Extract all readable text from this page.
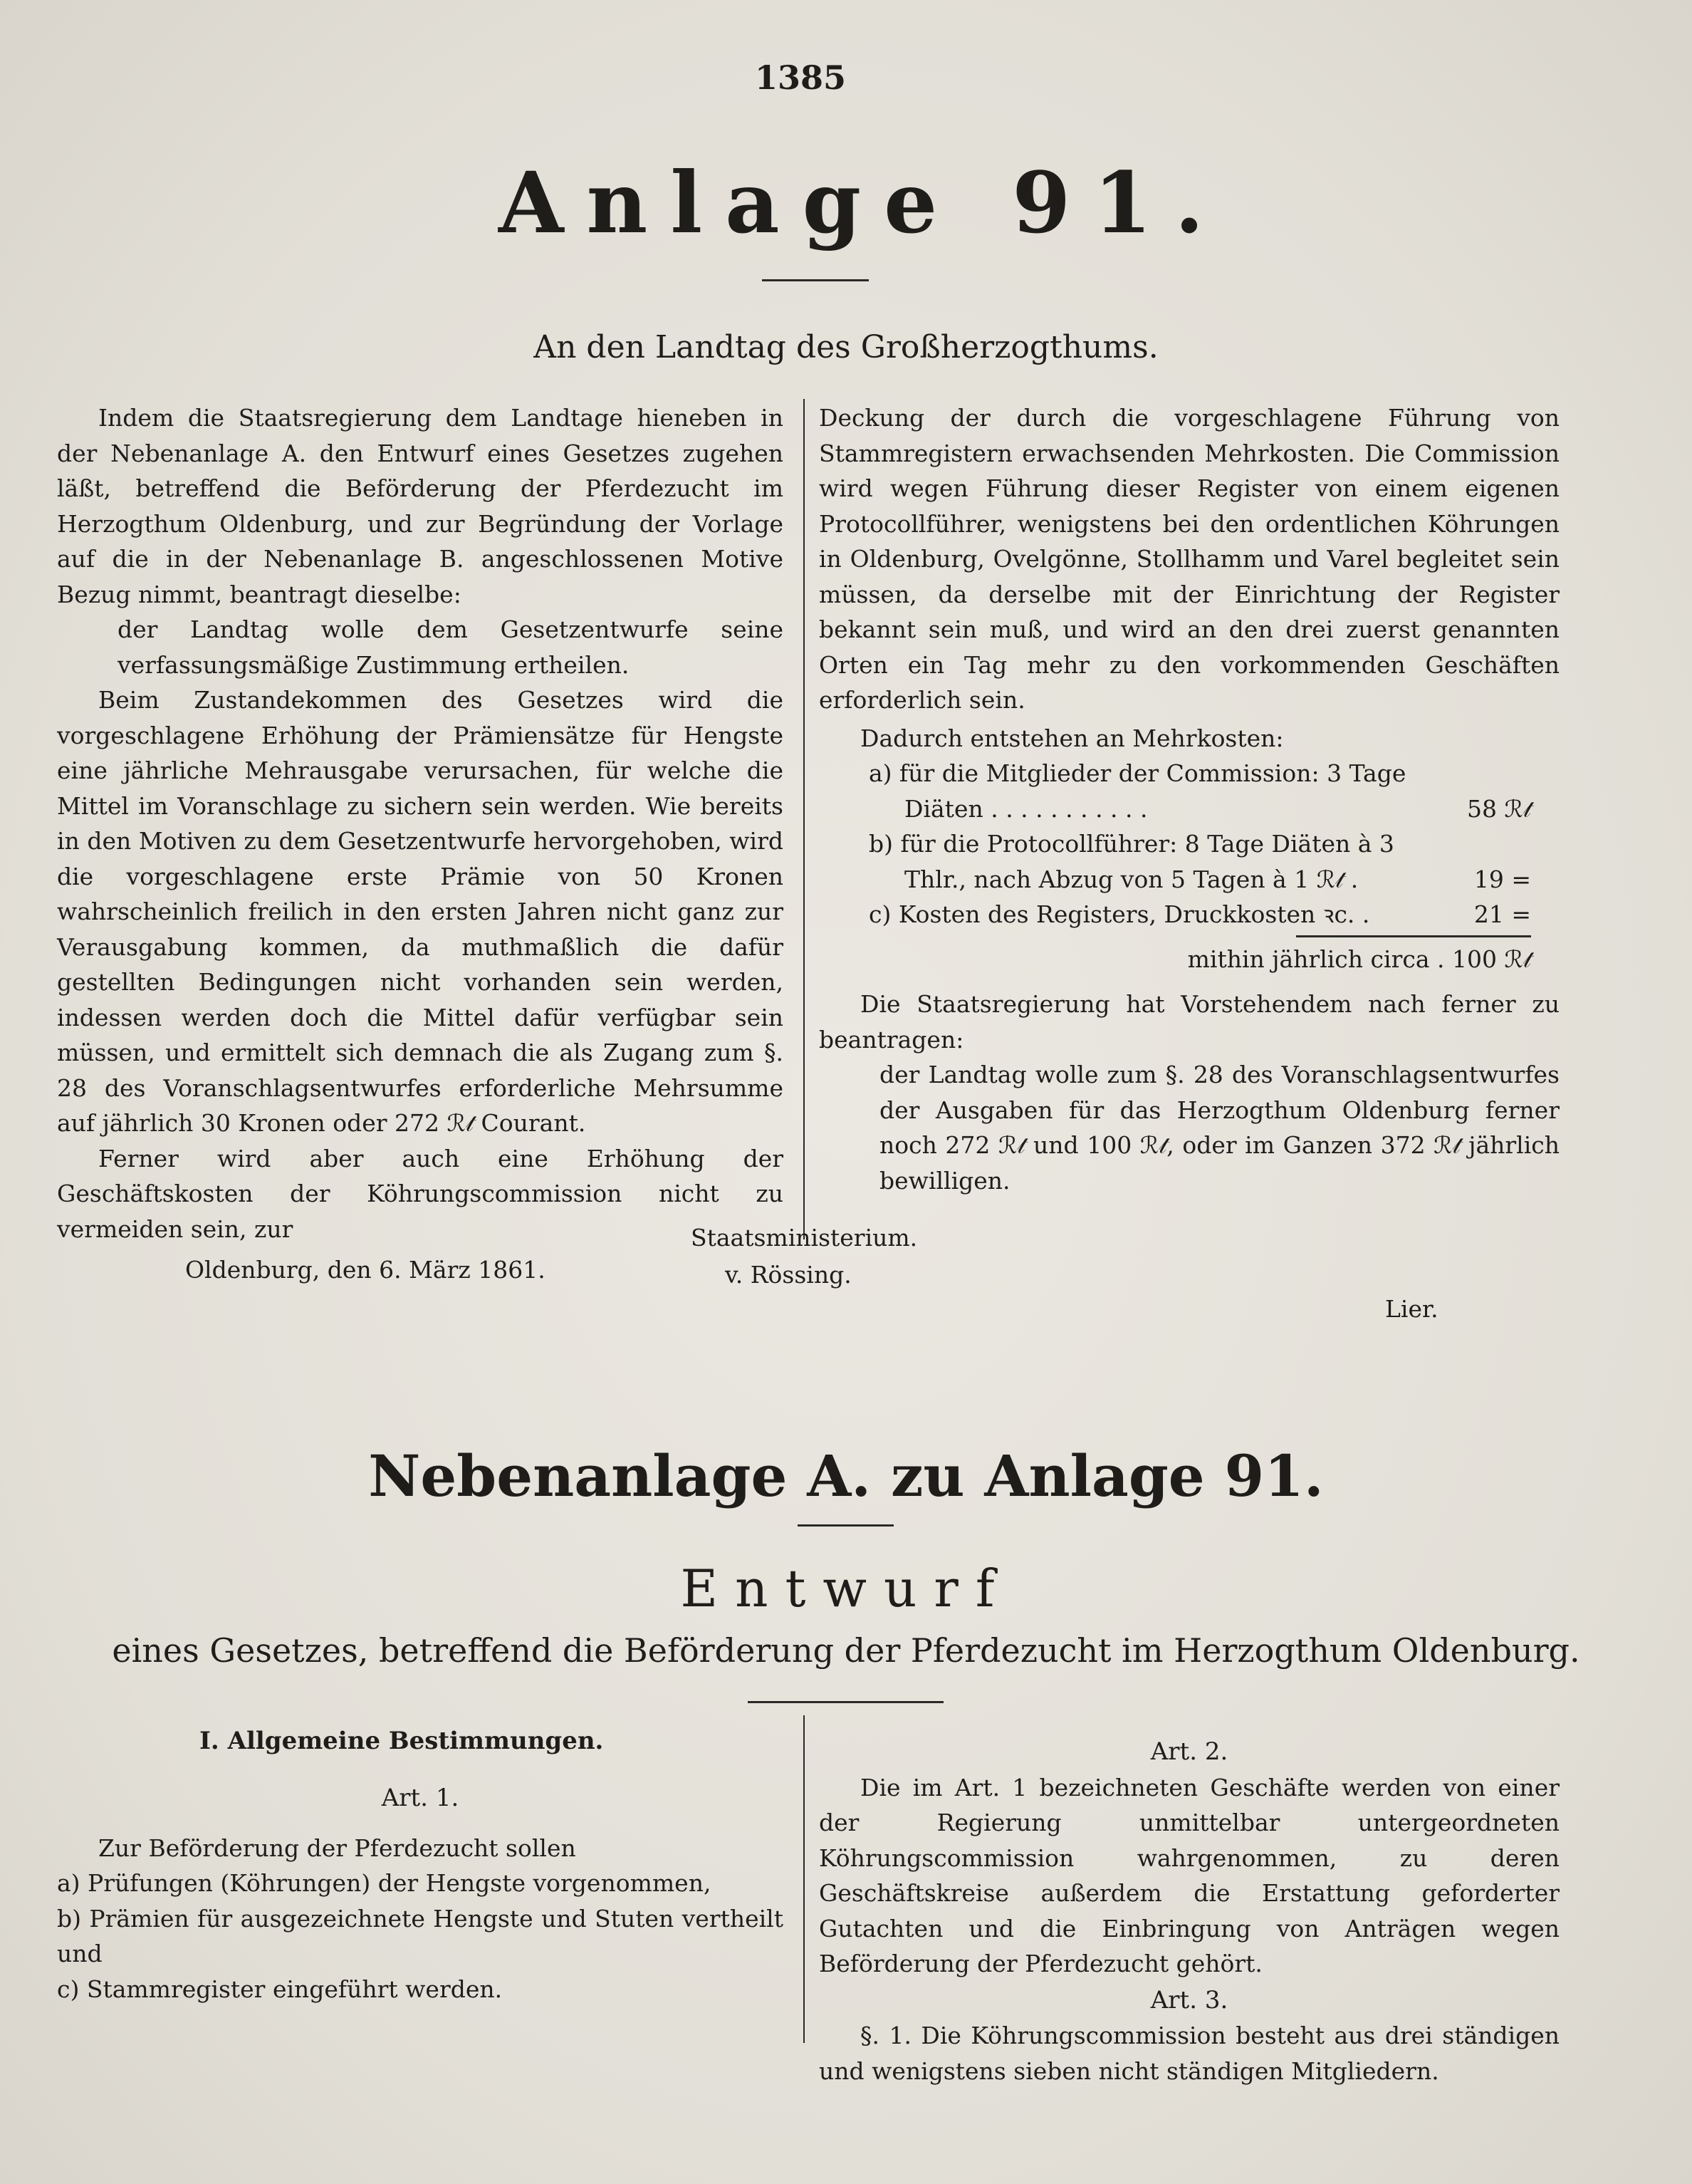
1385
Anlage 91.
An den Landtag des Großherzogthums.

Indem die Staatsregierung dem Landtage hieneben in der Nebenanlage A. den Entwurf eines Gesetzes zugehen läßt, betreffend die Beförderung der Pferdezucht im Herzogthum Oldenburg, und zur Begründung der Vorlage auf die in der Nebenanlage B. angeschlossenen Motive Bezug nimmt, beantragt dieselbe:

der Landtag wolle dem Gesetzentwurfe seine verfassungsmäßige Zustimmung ertheilen.

Beim Zustandekommen des Gesetzes wird die vorgeschlagene Erhöhung der Prämiensätze für Hengste eine jährliche Mehrausgabe verursachen, für welche die Mittel im Voranschlage zu sichern sein werden. Wie bereits in den Motiven zu dem Gesetzentwurfe hervorgehoben, wird die vorgeschlagene erste Prämie von 50 Kronen wahrscheinlich freilich in den ersten Jahren nicht ganz zur Verausgabung kommen, da muthmaßlich die dafür gestellten Bedingungen nicht vorhanden sein werden, indessen werden doch die Mittel dafür verfügbar sein müssen, und ermittelt sich demnach die als Zugang zum §. 28 des Voranschlagsentwurfes erforderliche Mehrsumme auf jährlich 30 Kronen oder 272 ℛ𝓉 Courant.

Ferner wird aber auch eine Erhöhung der Geschäftskosten der Köhrungscommission nicht zu vermeiden sein, zur

Oldenburg, den 6. März 1861.

Deckung der durch die vorgeschlagene Führung von Stammregistern erwachsenden Mehrkosten. Die Commission wird wegen Führung dieser Register von einem eigenen Protocollführer, wenigstens bei den ordentlichen Köhrungen in Oldenburg, Ovelgönne, Stollhamm und Varel begleitet sein müssen, da derselbe mit der Einrichtung der Register bekannt sein muß, und wird an den drei zuerst genannten Orten ein Tag mehr zu den vorkommenden Geschäften erforderlich sein.

Dadurch entstehen an Mehrkosten:

a) für die Mitglieder der Commission: 3 Tage
Diäten . . . . . . . . . . .	58 ℛ𝓉
b) für die Protocollführer: 8 Tage Diäten à 3
Thlr., nach Abzug von 5 Tagen à 1 ℛ𝓉 .	19 =
c) Kosten des Registers, Druckkosten ꝛc. .	21 =
mithin jährlich circa . 100 ℛ𝓉

Die Staatsregierung hat Vorstehendem nach ferner zu beantragen:

der Landtag wolle zum §. 28 des Voranschlagsentwurfes der Ausgaben für das Herzogthum Oldenburg ferner noch 272 ℛ𝓉 und 100 ℛ𝓉, oder im Ganzen 372 ℛ𝓉 jährlich bewilligen.

Staatsministerium.
v. Rössing.
Lier.
Nebenanlage A. zu Anlage 91.
Entwurf
eines Gesetzes, betreffend die Beförderung der Pferdezucht im Herzogthum Oldenburg.
I. Allgemeine Bestimmungen.
Art. 1.

Zur Beförderung der Pferdezucht sollen

a) Prüfungen (Köhrungen) der Hengste vorgenommen,

b) Prämien für ausgezeichnete Hengste und Stuten vertheilt und

c) Stammregister eingeführt werden.

Art. 2.

Die im Art. 1 bezeichneten Geschäfte werden von einer der Regierung unmittelbar untergeordneten Köhrungscommission wahrgenommen, zu deren Geschäftskreise außerdem die Erstattung geforderter Gutachten und die Einbringung von Anträgen wegen Beförderung der Pferdezucht gehört.

Art. 3.

§. 1. Die Köhrungscommission besteht aus drei ständigen und wenigstens sieben nicht ständigen Mitgliedern.
